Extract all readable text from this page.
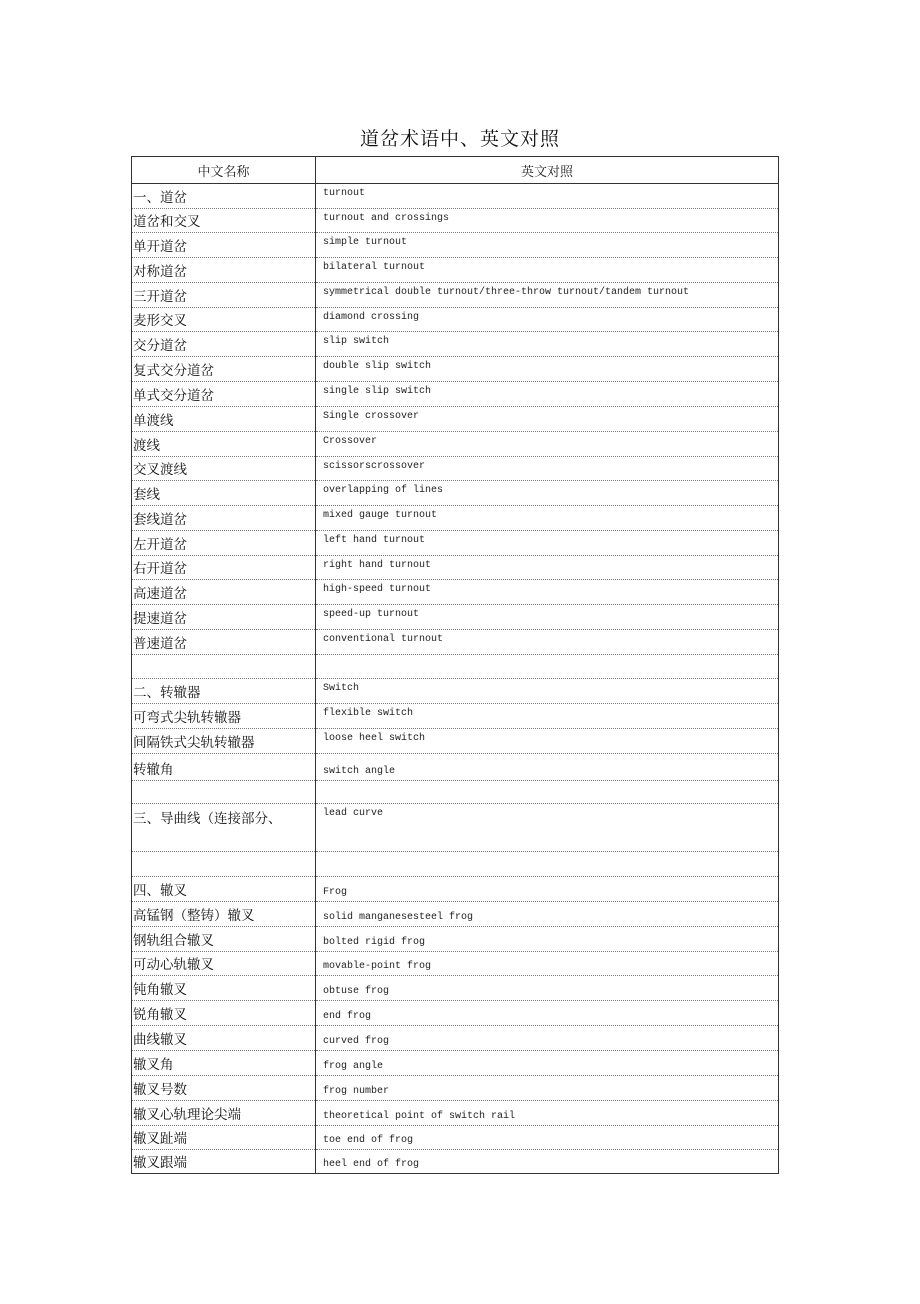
道岔术语中、英文对照
中文名称	英文对照
一、道岔	turnout
道岔和交叉	turnout and crossings
单开道岔	simple turnout
对称道岔	bilateral turnout
三开道岔	symmetrical double turnout/three-throw turnout/tandem turnout
麦形交叉	diamond crossing
交分道岔	slip switch
复式交分道岔	double slip switch
单式交分道岔	single slip switch
单渡线	Single crossover
渡线	Crossover
交叉渡线	scissorscrossover
套线	overlapping of lines
套线道岔	mixed gauge turnout
左开道岔	left hand turnout
右开道岔	right hand turnout
高速道岔	high-speed turnout
提速道岔	speed-up turnout
普速道岔	conventional turnout

二、转辙器	Switch
可弯式尖轨转辙器	flexible switch
间隔铁式尖轨转辙器	loose heel switch
转辙角	switch angle

三、导曲线（连接部分、	lead curve

四、辙叉	Frog
高锰钢（整铸）辙叉	solid manganesesteel frog
钢轨组合辙叉	bolted rigid frog
可动心轨辙叉	movable-point frog
钝角辙叉	obtuse frog
锐角辙叉	end frog
曲线辙叉	curved frog
辙叉角	frog angle
辙叉号数	frog number
辙叉心轨理论尖端	theoretical point of switch rail
辙叉趾端	toe end of frog
辙叉跟端	heel end of frog
